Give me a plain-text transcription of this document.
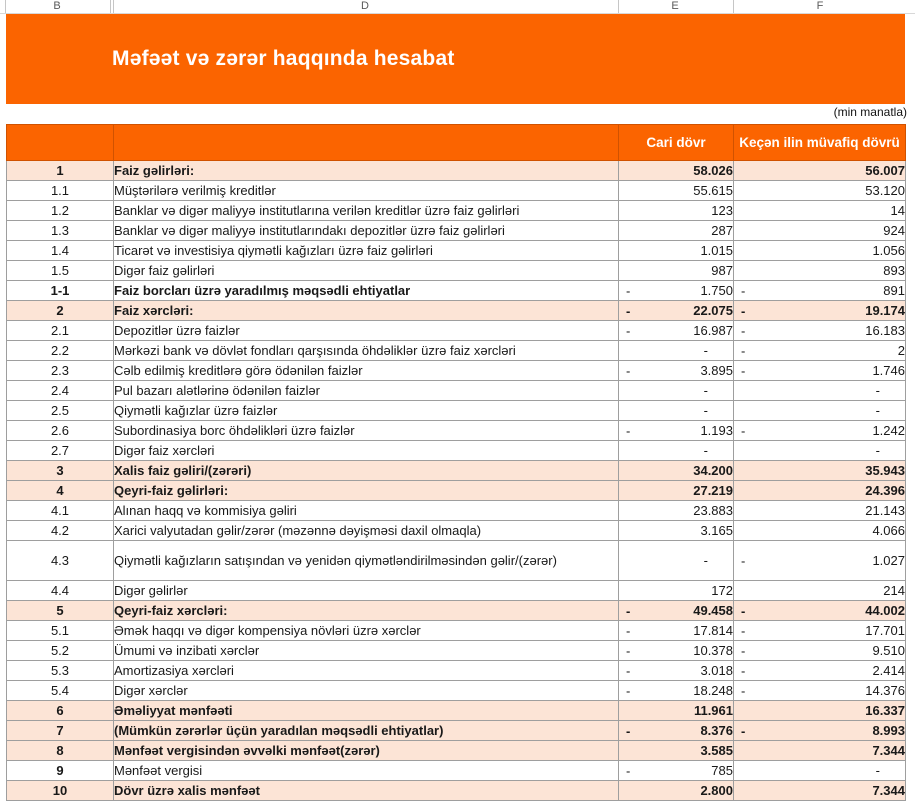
B	D	E	F
Məfəət və zərər haqqında hesabat
(min manatla)
		Cari dövr	Keçən ilin müvafiq dövrü
1	Faiz gəlirləri:	58.026	56.007
1.1	Müştərilərə verilmiş kreditlər	55.615	53.120
1.2	Banklar və digər maliyyə institutlarına verilən kreditlər üzrə faiz gəlirləri	123	14
1.3	Banklar və digər maliyyə institutlarındakı depozitlər üzrə faiz gəlirləri	287	924
1.4	Ticarət və investisiya qiymətli kağızları üzrə faiz gəlirləri	1.015	1.056
1.5	Digər faiz gəlirləri	987	893
1-1	Faiz borcları üzrə yaradılmış məqsədli ehtiyatlar	- 1.750	- 891
2	Faiz xərcləri:	- 22.075	- 19.174
2.1	Depozitlər üzrə faizlər	- 16.987	- 16.183
2.2	Mərkəzi bank və dövlət fondları qarşısında öhdəliklər üzrə faiz xərcləri	-	- 2
2.3	Cəlb edilmiş kreditlərə görə ödənilən faizlər	- 3.895	- 1.746
2.4	Pul bazarı alətlərinə ödənilən faizlər	-	-
2.5	Qiymətli kağızlar üzrə faizlər	-	-
2.6	Subordinasiya borc öhdəlikləri üzrə faizlər	- 1.193	- 1.242
2.7	Digər faiz xərcləri	-	-
3	Xalis faiz gəliri/(zərəri)	34.200	35.943
4	Qeyri-faiz gəlirləri:	27.219	24.396
4.1	Alınan haqq və kommisiya gəliri	23.883	21.143
4.2	Xarici valyutadan gəlir/zərər (məzənnə dəyişməsi daxil olmaqla)	3.165	4.066
4.3	Qiymətli kağızların satışından və yenidən qiymətləndirilməsindən gəlir/(zərər)	-	- 1.027
4.4	Digər gəlirlər	172	214
5	Qeyri-faiz xərcləri:	- 49.458	- 44.002
5.1	Əmək haqqı və digər kompensiya növləri üzrə xərclər	- 17.814	- 17.701
5.2	Ümumi və inzibati xərclər	- 10.378	- 9.510
5.3	Amortizasiya xərcləri	- 3.018	- 2.414
5.4	Digər xərclər	- 18.248	- 14.376
6	Əməliyyat mənfəəti	11.961	16.337
7	(Mümkün zərərlər üçün yaradılan məqsədli ehtiyatlar)	- 8.376	- 8.993
8	Mənfəət vergisindən əvvəlki mənfəət(zərər)	3.585	7.344
9	Mənfəət vergisi	- 785	-
10	Dövr üzrə xalis mənfəət	2.800	7.344
